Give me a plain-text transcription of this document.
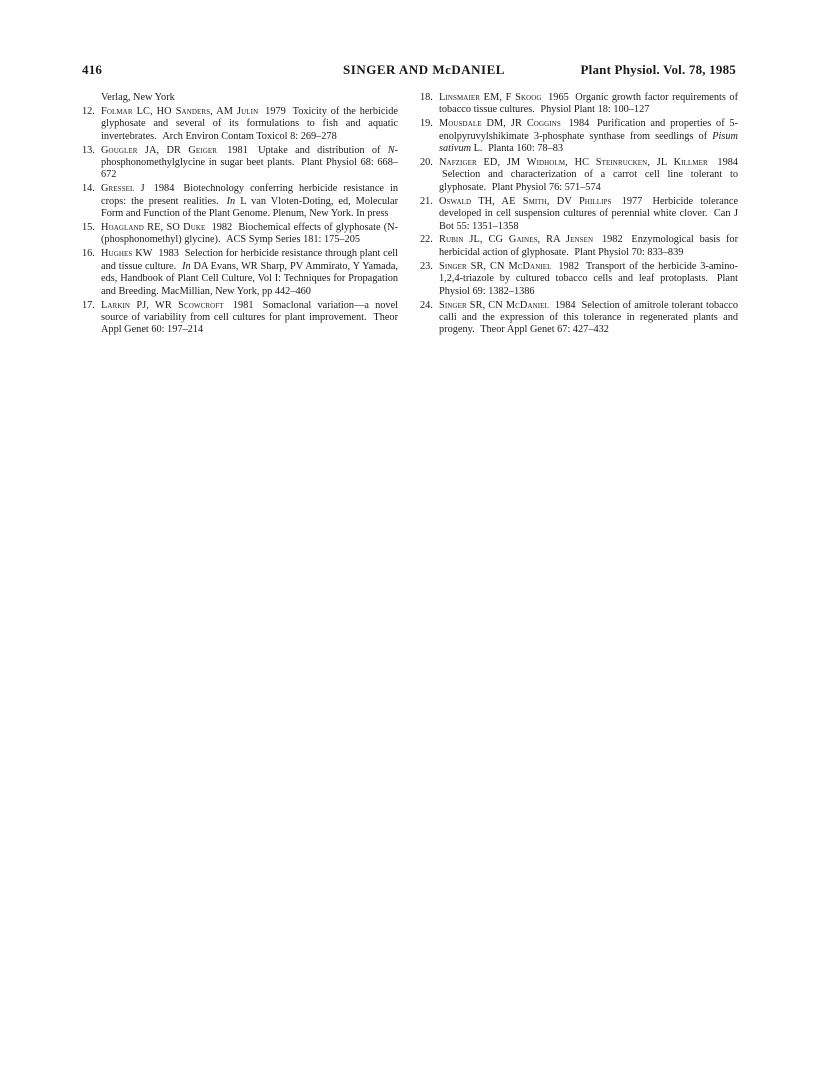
416	SINGER AND McDANIEL	Plant Physiol. Vol. 78, 1985
Verlag, New York
12. Folmar LC, HO Sanders, AM Julin 1979 Toxicity of the herbicide glyphosate and several of its formulations to fish and aquatic invertebrates. Arch Environ Contam Toxicol 8: 269–278
13. Gougler JA, DR Geiger 1981 Uptake and distribution of N-phosphonomethylglycine in sugar beet plants. Plant Physiol 68: 668–672
14. Gressel J 1984 Biotechnology conferring herbicide resistance in crops: the present realities. In L van Vloten-Doting, ed, Molecular Form and Function of the Plant Genome. Plenum, New York. In press
15. Hoagland RE, SO Duke 1982 Biochemical effects of glyphosate (N-(phosphonomethyl) glycine). ACS Symp Series 181: 175–205
16. Hughes KW 1983 Selection for herbicide resistance through plant cell and tissue culture. In DA Evans, WR Sharp, PV Ammirato, Y Yamada, eds, Handbook of Plant Cell Culture, Vol I: Techniques for Propagation and Breeding. MacMillian, New York, pp 442–460
17. Larkin PJ, WR Scowcroft 1981 Somaclonal variation—a novel source of variability from cell cultures for plant improvement. Theor Appl Genet 60: 197–214
18. Linsmaier EM, F Skoog 1965 Organic growth factor requirements of tobacco tissue cultures. Physiol Plant 18: 100–127
19. Mousdale DM, JR Coggins 1984 Purification and properties of 5-enolpyruvylshikimate 3-phosphate synthase from seedlings of Pisum sativum L. Planta 160: 78–83
20. Nafziger ED, JM Widholm, HC Steinrucken, JL Killmer 1984 Selection and characterization of a carrot cell line tolerant to glyphosate. Plant Physiol 76: 571–574
21. Oswald TH, AE Smith, DV Phillips 1977 Herbicide tolerance developed in cell suspension cultures of perennial white clover. Can J Bot 55: 1351–1358
22. Rubin JL, CG Gaines, RA Jensen 1982 Enzymological basis for herbicidal action of glyphosate. Plant Physiol 70: 833–839
23. Singer SR, CN McDaniel 1982 Transport of the herbicide 3-amino-1,2,4-triazole by cultured tobacco cells and leaf protoplasts. Plant Physiol 69: 1382–1386
24. Singer SR, CN McDaniel 1984 Selection of amitrole tolerant tobacco calli and the expression of this tolerance in regenerated plants and progeny. Theor Appl Genet 67: 427–432
